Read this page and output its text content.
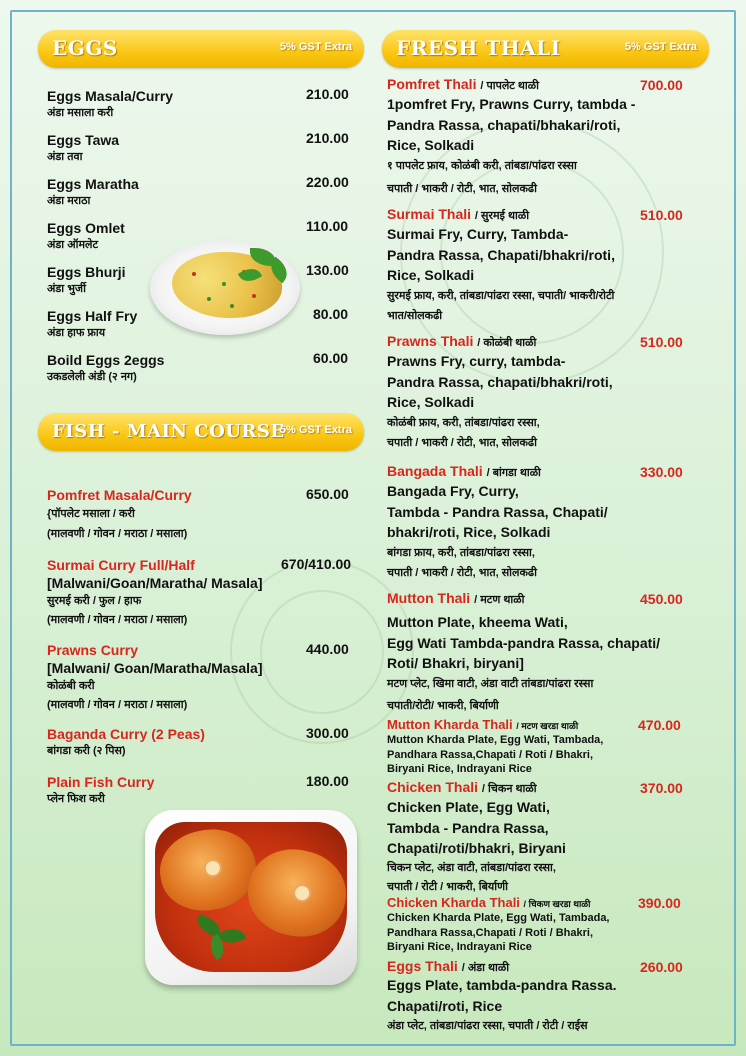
EGGS	5% GST Extra
Eggs Masala/Curry
अंडा मसाला करी
210.00
Eggs Tawa
अंडा तवा
210.00
Eggs Maratha
अंडा मराठा
220.00
Eggs Omlet
अंडा ऑमलेट
110.00
Eggs Bhurji
अंडा भुर्जी
130.00
Eggs Half Fry
अंडा हाफ फ्राय
80.00
Boild Eggs 2eggs
उकडलेली अंडी (२ नग)
60.00
FISH - MAIN COURSE
5% GST Extra
Pomfret Masala/Curry
{पॉपलेट मसाला / करी
(मालवणी / गोवन / मराठा / मसाला)
650.00
Surmai Curry Full/Half
[Malwani/Goan/Maratha/ Masala]
सुरमई करी / फुल / हाफ
(मालवणी / गोवन / मराठा / मसाला)
670/410.00
Prawns Curry
[Malwani/ Goan/Maratha/Masala]
कोळंबी करी
(मालवणी / गोवन / मराठा / मसाला)
440.00
Baganda Curry (2 Peas)
बांगडा करी (२ पिस)
300.00
Plain Fish Curry
प्लेन फिश करी
180.00
FRESH THALI	5% GST Extra
Pomfret Thali / पापलेट थाळी	700.00
1pomfret Fry, Prawns Curry, tambda -
Pandra Rassa, chapati/bhakari/roti,
Rice, Solkadi
१ पापलेट फ्राय, कोळंबी करी, तांबडा/पांढरा रस्सा
चपाती / भाकरी / रोटी, भात, सोलकढी
Surmai Thali / सुरमई थाळी	510.00
Surmai Fry, Curry, Tambda-
Pandra Rassa, Chapati/bhakri/roti,
Rice, Solkadi
सुरमई फ्राय, करी, तांबडा/पांढरा रस्सा, चपाती/ भाकरी/रोटी
भात/सोलकढी
Prawns Thali / कोळंबी थाळी	510.00
Prawns Fry, curry, tambda-
Pandra Rassa, chapati/bhakri/roti,
Rice, Solkadi
कोळंबी फ्राय, करी, तांबडा/पांढरा रस्सा,
चपाती / भाकरी / रोटी, भात, सोलकढी
Bangada Thali / बांगडा थाळी	330.00
Bangada Fry, Curry,
Tambda - Pandra Rassa, Chapati/
bhakri/roti, Rice, Solkadi
बांगडा फ्राय, करी, तांबडा/पांढरा रस्सा,
चपाती / भाकरी / रोटी, भात, सोलकढी
Mutton Thali / मटण थाळी	450.00
Mutton Plate, kheema Wati,
Egg Wati Tambda-pandra Rassa, chapati/
Roti/ Bhakri, biryani]
मटण प्लेट, खिमा वाटी, अंडा वाटी तांबडा/पांढरा रस्सा
चपाती/रोटी/ भाकरी, बिर्याणी
Mutton Kharda Thali / मटण खरडा थाळी	470.00
Mutton Kharda Plate, Egg Wati, Tambada,
Pandhara Rassa,Chapati / Roti / Bhakri,
Biryani Rice, Indrayani Rice
Chicken Thali / चिकन थाळी	370.00
Chicken Plate, Egg Wati,
Tambda - Pandra Rassa,
Chapati/roti/bhakri, Biryani
चिकन प्लेट, अंडा वाटी, तांबडा/पांढरा रस्सा,
चपाती / रोटी / भाकरी, बिर्याणी
Chicken Kharda Thali / चिकण खरडा थाळी	390.00
Chicken Kharda Plate, Egg Wati, Tambada,
Pandhara Rassa,Chapati / Roti / Bhakri,
Biryani Rice, Indrayani Rice
Eggs Thali / अंडा थाळी	260.00
Eggs Plate, tambda-pandra Rassa.
Chapati/roti, Rice
अंडा प्लेट, तांबडा/पांढरा रस्सा, चपाती / रोटी / राईस
